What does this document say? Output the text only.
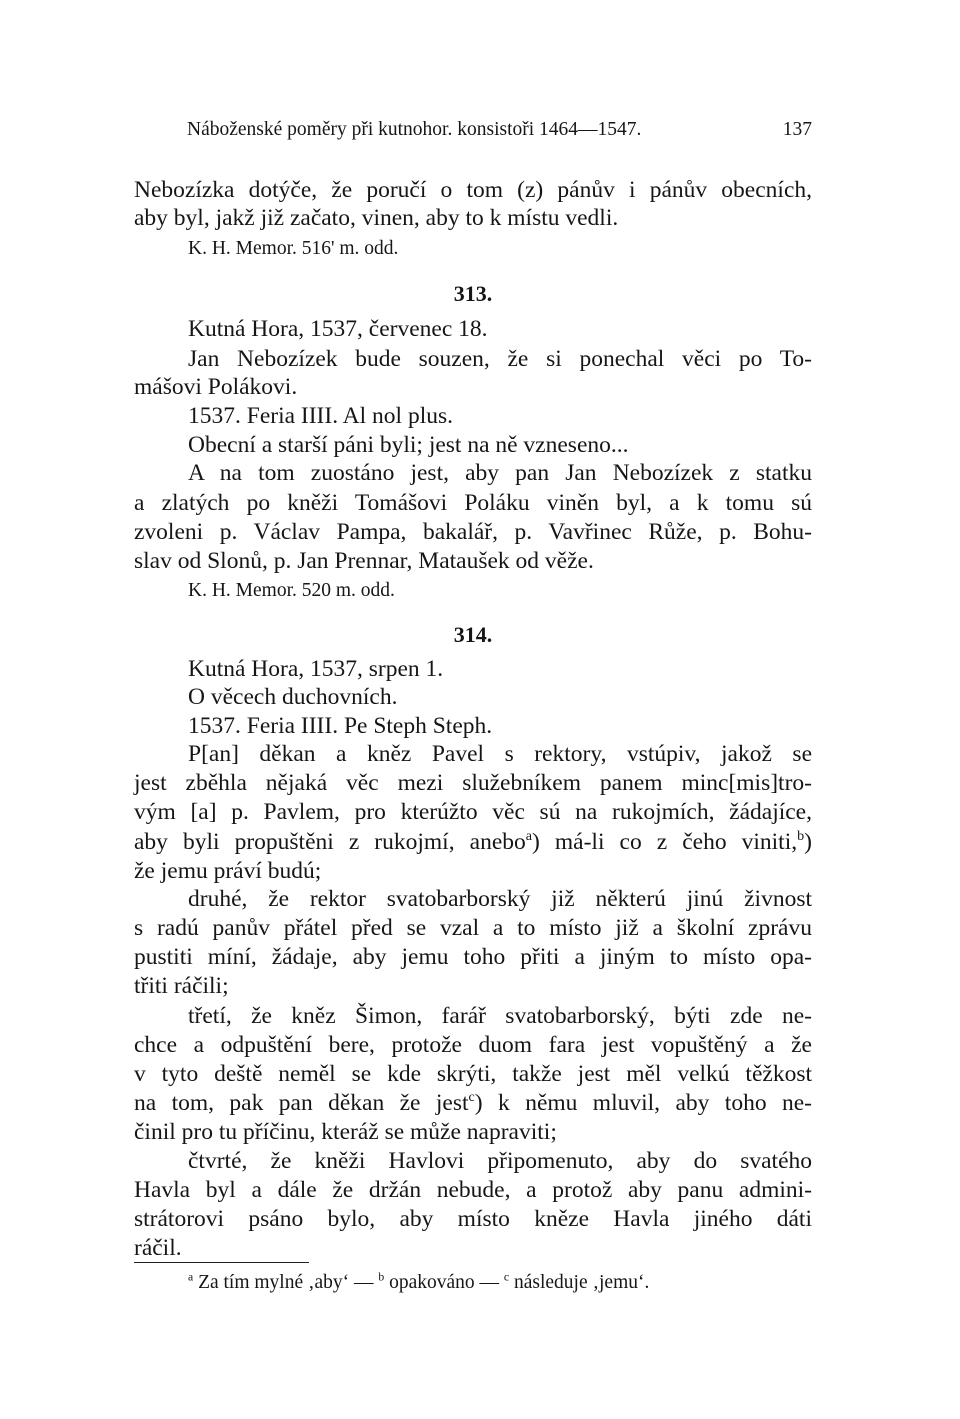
Náboženské poměry při kutnohor. konsistoři 1464—1547.	137
Nebozízka dotýče, že poručí o tom (z) pánův i pánův obecních,
aby byl, jakž již začato, vinen, aby to k místu vedli.
K. H. Memor. 516' m. odd.
313.
Kutná Hora, 1537, červenec 18.
Jan Nebozízek bude souzen, že si ponechal věci po To-
mášovi Polákovi.
1537. Feria IIII. Al nol plus.
Obecní a starší páni byli; jest na ně vzneseno...
A na tom zuostáno jest, aby pan Jan Nebozízek z statku
a zlatých po kněži Tomášovi Poláku viněn byl, a k tomu sú
zvoleni p. Václav Pampa, bakalář, p. Vavřinec Růže, p. Bohu-
slav od Slonů, p. Jan Prennar, Mataušek od věže.
K. H. Memor. 520 m. odd.
314.
Kutná Hora, 1537, srpen 1.
O věcech duchovních.
1537. Feria IIII. Pe Steph Steph.
P[an] děkan a kněz Pavel s rektory, vstúpiv, jakož se
jest zběhla nějaká věc mezi služebníkem panem minc[mis]tro-
vým [a] p. Pavlem, pro kterúžto věc sú na rukojmích, žádajíce,
aby byli propuštěni z rukojmí, anebo$^a$) má-li co z čeho viniti,$^b$)
že jemu práví budú;
druhé, že rektor svatobarborský již některú jinú živnost
s radú panův přátel před se vzal a to místo již a školní zprávu
pustiti míní, žádaje, aby jemu toho přiti a jiným to místo opa-
třiti ráčili;
třetí, že kněz Šimon, farář svatobarborský, býti zde ne-
chce a odpuštění bere, protože duom fara jest vopuštěný a že
v tyto deště neměl se kde skrýti, takže jest měl velkú těžkost
na tom, pak pan děkan že jest$^c$) k němu mluvil, aby toho ne-
činil pro tu příčinu, kteráž se může napraviti;
čtvrté, že kněži Havlovi připomenuto, aby do svatého
Havla byl a dále že držán nebude, a protož aby panu admini-
strátorovi psáno bylo, aby místo kněze Havla jiného dáti
ráčil.
$^a$ Za tím mylné ‚aby‘ — $^b$ opakováno — $^c$ následuje ‚jemu‘.
